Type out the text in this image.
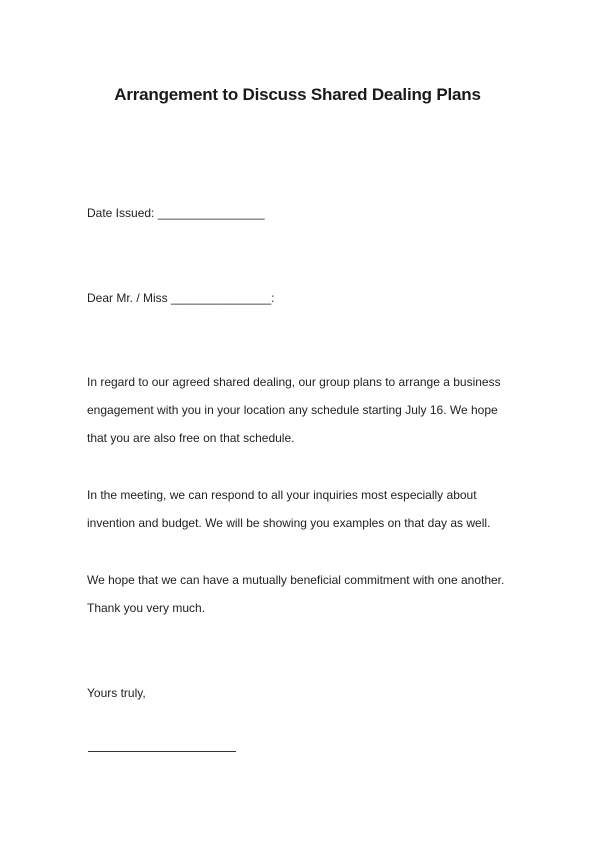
Arrangement to Discuss Shared Dealing Plans
Date Issued: ________________
Dear Mr. / Miss _______________:
In regard to our agreed shared dealing, our group plans to arrange a business
engagement with you in your location any schedule starting July 16. We hope
that you are also free on that schedule.
In the meeting, we can respond to all your inquiries most especially about
invention and budget. We will be showing you examples on that day as well.
We hope that we can have a mutually beneficial commitment with one another.
Thank you very much.
Yours truly,
